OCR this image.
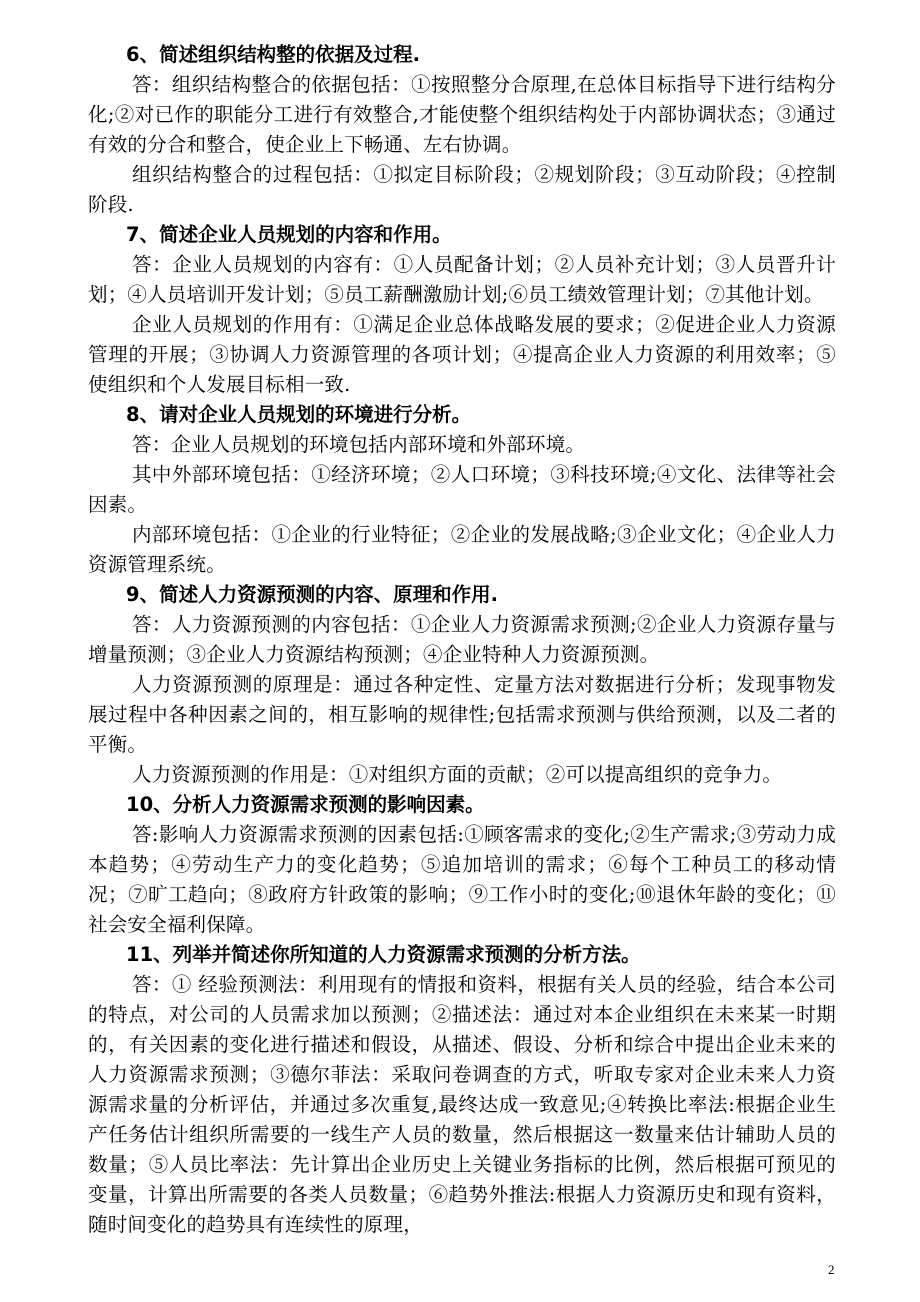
6、简述组织结构整的依据及过程.

答：组织结构整合的依据包括：①按照整分合原理,在总体目标指导下进行结构分化;②对已作的职能分工进行有效整合,才能使整个组织结构处于内部协调状态；③通过有效的分合和整合，使企业上下畅通、左右协调。

组织结构整合的过程包括：①拟定目标阶段；②规划阶段；③互动阶段；④控制阶段.

7、简述企业人员规划的内容和作用。

答：企业人员规划的内容有：①人员配备计划；②人员补充计划；③人员晋升计划；④人员培训开发计划；⑤员工薪酬激励计划;⑥员工绩效管理计划；⑦其他计划。

企业人员规划的作用有：①满足企业总体战略发展的要求；②促进企业人力资源管理的开展；③协调人力资源管理的各项计划；④提高企业人力资源的利用效率；⑤使组织和个人发展目标相一致.

8、请对企业人员规划的环境进行分析。

答：企业人员规划的环境包括内部环境和外部环境。

其中外部环境包括：①经济环境；②人口环境；③科技环境;④文化、法律等社会因素。

内部环境包括：①企业的行业特征；②企业的发展战略;③企业文化；④企业人力资源管理系统。

9、简述人力资源预测的内容、原理和作用.

答：人力资源预测的内容包括：①企业人力资源需求预测;②企业人力资源存量与增量预测；③企业人力资源结构预测；④企业特种人力资源预测。

人力资源预测的原理是：通过各种定性、定量方法对数据进行分析；发现事物发展过程中各种因素之间的，相互影响的规律性;包括需求预测与供给预测，以及二者的平衡。

人力资源预测的作用是：①对组织方面的贡献；②可以提高组织的竞争力。

10、分析人力资源需求预测的影响因素。

答:影响人力资源需求预测的因素包括:①顾客需求的变化;②生产需求;③劳动力成本趋势；④劳动生产力的变化趋势；⑤追加培训的需求；⑥每个工种员工的移动情况；⑦旷工趋向；⑧政府方针政策的影响；⑨工作小时的变化;⑩退休年龄的变化；⑪社会安全福利保障。

11、列举并简述你所知道的人力资源需求预测的分析方法。

答：① 经验预测法：利用现有的情报和资料，根据有关人员的经验，结合本公司的特点，对公司的人员需求加以预测；②描述法：通过对本企业组织在未来某一时期的，有关因素的变化进行描述和假设，从描述、假设、分析和综合中提出企业未来的人力资源需求预测；③德尔菲法：采取问卷调查的方式，听取专家对企业未来人力资源需求量的分析评估，并通过多次重复,最终达成一致意见;④转换比率法:根据企业生产任务估计组织所需要的一线生产人员的数量，然后根据这一数量来估计辅助人员的数量；⑤人员比率法：先计算出企业历史上关键业务指标的比例，然后根据可预见的变量，计算出所需要的各类人员数量；⑥趋势外推法:根据人力资源历史和现有资料，随时间变化的趋势具有连续性的原理，

2
